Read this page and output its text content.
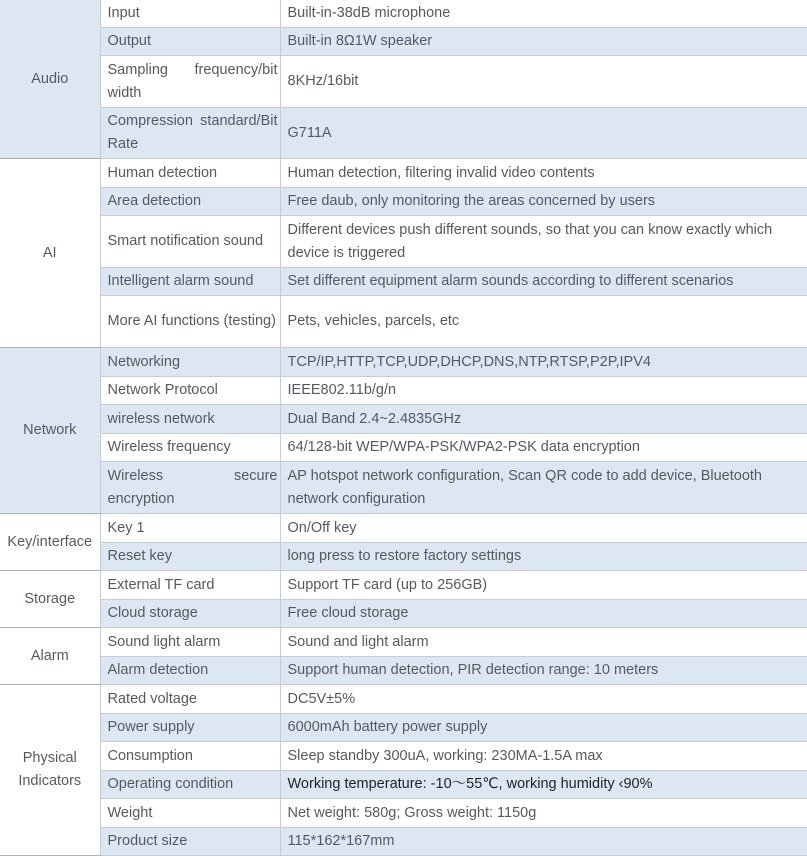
Audio	Input	Built-in-38dB microphone
	Output	Built-in 8Ω1W speaker
	Sampling frequency/bit width	8KHz/16bit
	Compression standard/Bit Rate	G711A
AI	Human detection	Human detection, filtering invalid video contents
	Area detection	Free daub, only monitoring the areas concerned by users
	Smart notification sound	Different devices push different sounds, so that you can know exactly which device is triggered
	Intelligent alarm sound	Set different equipment alarm sounds according to different scenarios
	More AI functions (testing)	Pets, vehicles, parcels, etc
Network	Networking	TCP/IP,HTTP,TCP,UDP,DHCP,DNS,NTP,RTSP,P2P,IPV4
	Network Protocol	IEEE802.11b/g/n
	wireless network	Dual Band 2.4~2.4835GHz
	Wireless frequency	64/128-bit WEP/WPA-PSK/WPA2-PSK data encryption
	Wireless secure encryption	AP hotspot network configuration, Scan QR code to add device, Bluetooth network configuration
Key/interface	Key 1	On/Off key
	Reset key	long press to restore factory settings
Storage	External TF card	Support TF card (up to 256GB)
	Cloud storage	Free cloud storage
Alarm	Sound light alarm	Sound and light alarm
	Alarm detection	Support human detection, PIR detection range: 10 meters
Physical Indicators	Rated voltage	DC5V±5%
	Power supply	6000mAh battery power supply
	Consumption	Sleep standby 300uA, working: 230MA-1.5A max
	Operating condition	Working temperature: -10～55℃, working humidity ‹90%
	Weight	Net weight: 580g; Gross weight: 1150g
	Product size	115*162*167mm
